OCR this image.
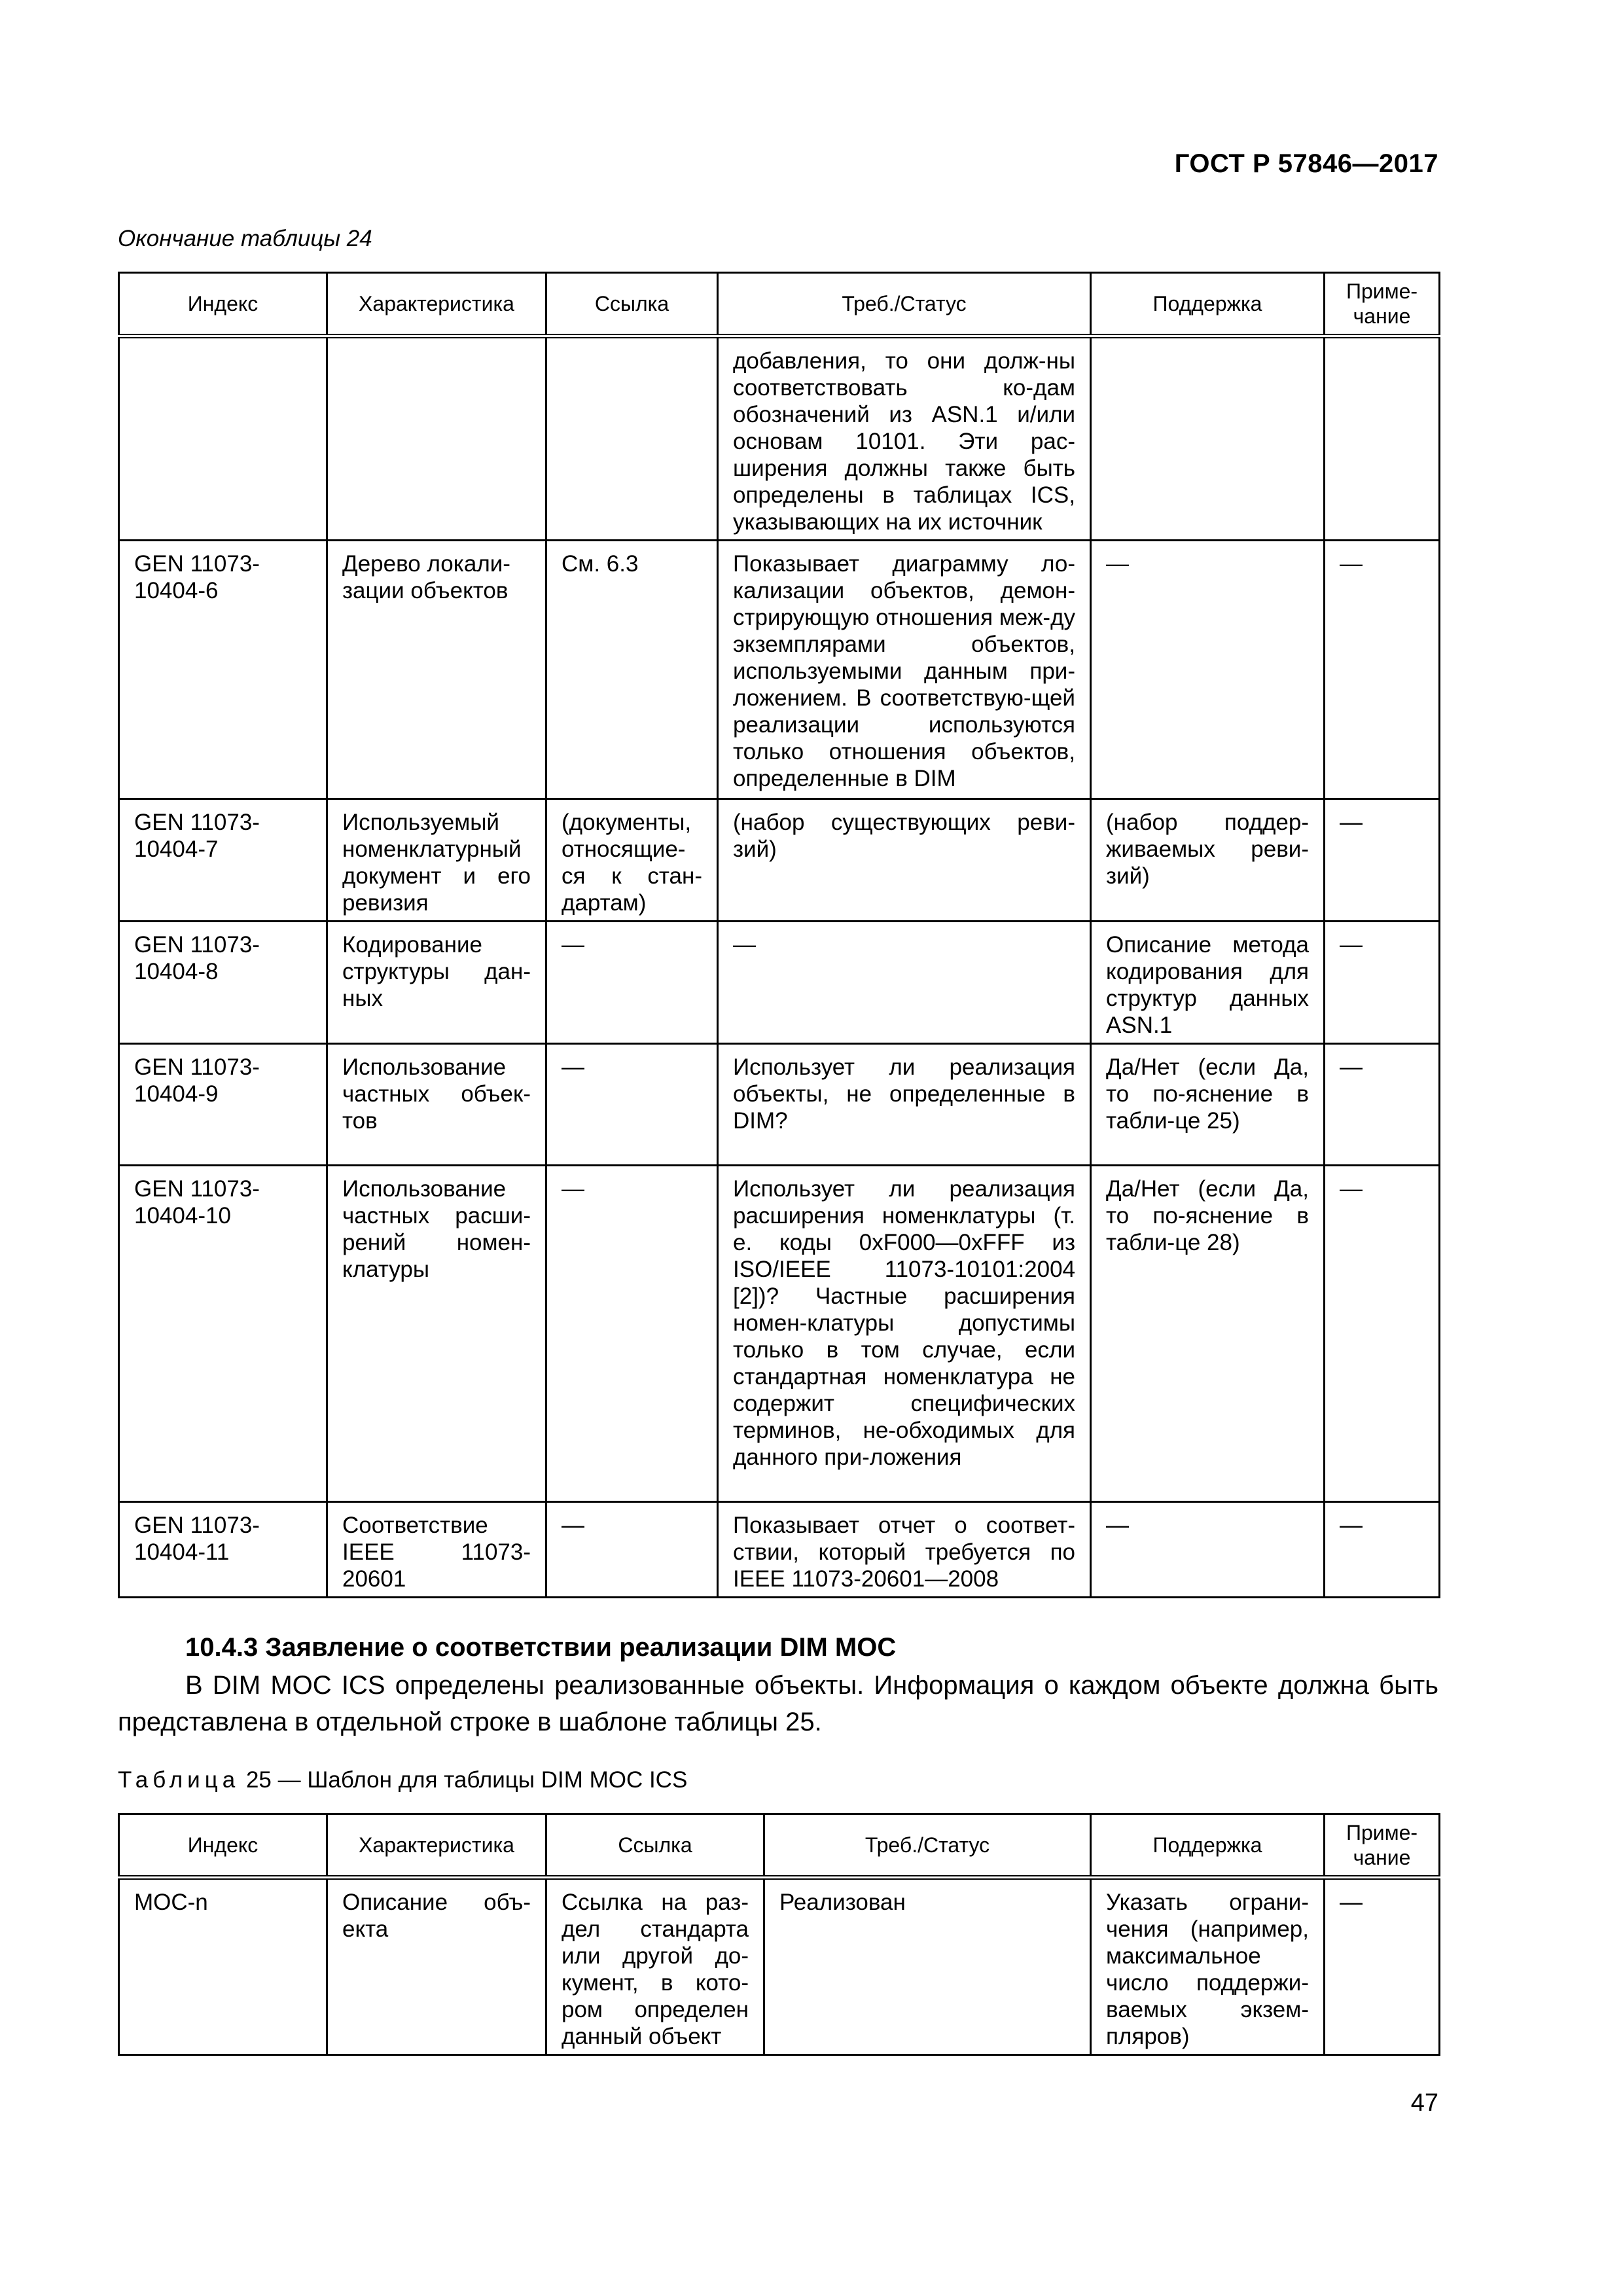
ГОСТ Р 57846—2017
Окончание таблицы 24
Индекс	Характеристика	Ссылка	Треб./Статус	Поддержка	Приме-
чание
			добавления, то они долж-ны соответствовать ко-дам обозначений из ASN.1 и/или основам 10101. Эти рас-ширения должны также быть определены в таблицах ICS, указывающих на их источник		
GEN 11073-10404-6	Дерево локали-зации объектов	См. 6.3	Показывает диаграмму ло-кализации объектов, демон-стрирующую отношения меж-ду экземплярами объектов, используемыми данным при-ложением. В соответствую-щей реализации используются только отношения объектов, определенные в DIM	—	—
GEN 11073-10404-7	Используемый номенклатурный документ и его ревизия	(документы, относящие-ся к стан-дартам)	(набор существующих реви-зий)	(набор поддер-живаемых реви-зий)	—
GEN 11073-10404-8	Кодирование структуры дан-ных	—	—	Описание метода кодирования для структур данных ASN.1	—
GEN 11073-10404-9	Использование частных объек-тов	—	Использует ли реализация объекты, не определенные в DIM?	Да/Нет (если Да, то по-яснение в табли-це 25)	—
GEN 11073-10404-10	Использование частных расши-рений номен-клатуры	—	Использует ли реализация расширения номенклатуры (т. е. коды 0xF000—0xFFF из ISO/IEEE 11073-10101:2004 [2])? Частные расширения номен-клатуры допустимы только в том случае, если стандартная номенклатура не содержит специфических терминов, не-обходимых для данного при-ложения	Да/Нет (если Да, то по-яснение в табли-це 28)	—
GEN 11073-10404-11	Соответствие IEEE 11073-20601	—	Показывает отчет о соответ-ствии, который требуется по IEEE 11073-20601—2008	—	—
10.4.3 Заявление о соответствии реализации DIM MOC
В DIM MOC ICS определены реализованные объекты. Информация о каждом объекте должна быть представлена в отдельной строке в шаблоне таблицы 25.
Таблица 25 — Шаблон для таблицы DIM MOC ICS
Индекс	Характеристика	Ссылка	Треб./Статус	Поддержка	Приме-
чание
MOC-n	Описание объ-екта	Ссылка на раз-дел стандарта или другой до-кумент, в кото-ром определен данный объект	Реализован	Указать ограни-чения (например, максимальное число поддержи-ваемых экзем-пляров)	—
47
